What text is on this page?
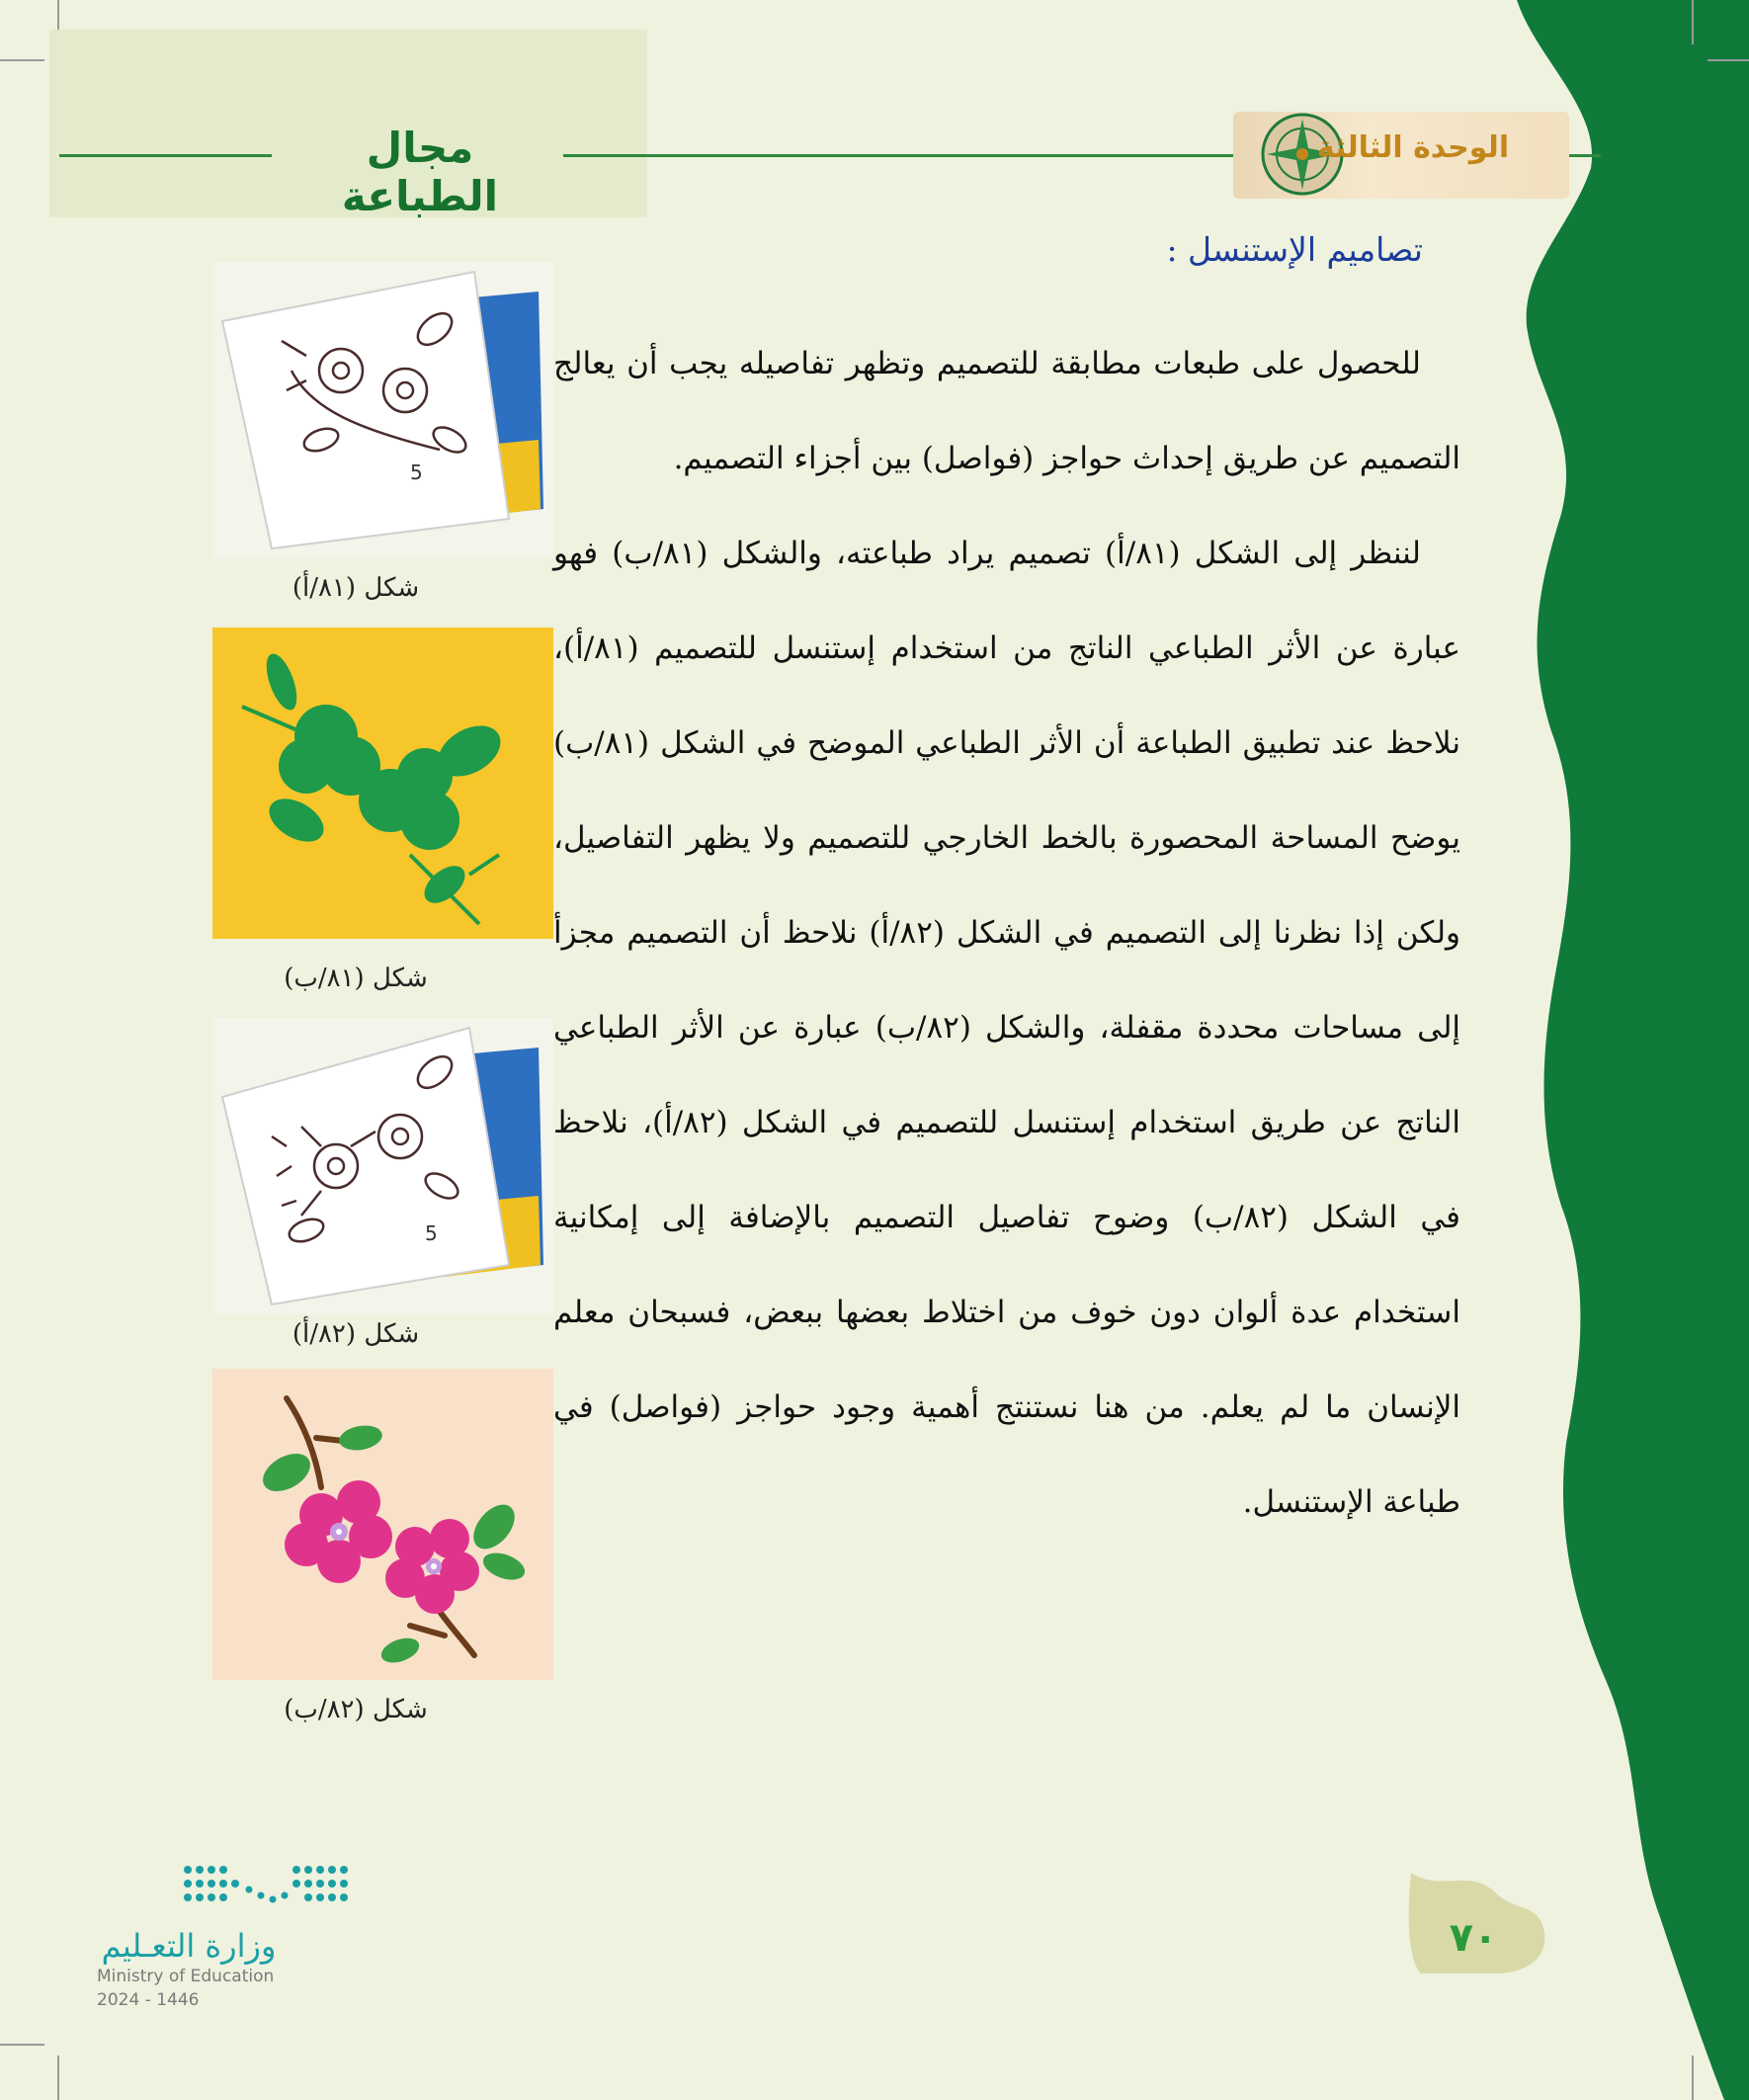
مجال الطباعة
الوحدة الثالثة
تصاميم الإستنسل :

للحصول على طبعات مطابقة للتصميم وتظهر تفاصيله يجب أن يعالج التصميم عن طريق إحداث حواجز (فواصل) بين أجزاء التصميم.

لننظر إلى الشكل (٨١/أ) تصميم يراد طباعته، والشكل (٨١/ب) فهو عبارة عن الأثر الطباعي الناتج من استخدام إستنسل للتصميم (٨١/أ)، نلاحظ عند تطبيق الطباعة أن الأثر الطباعي الموضح في الشكل (٨١/ب) يوضح المساحة المحصورة بالخط الخارجي للتصميم ولا يظهر التفاصيل، ولكن إذا نظرنا إلى التصميم في الشكل (٨٢/أ) نلاحظ أن التصميم مجزأ إلى مساحات محددة مقفلة، والشكل (٨٢/ب) عبارة عن الأثر الطباعي الناتج عن طريق استخدام إستنسل للتصميم في الشكل (٨٢/أ)، نلاحظ في الشكل (٨٢/ب) وضوح تفاصيل التصميم بالإضافة إلى إمكانية استخدام عدة ألوان دون خوف من اختلاط بعضها ببعض، فسبحان معلم الإنسان ما لم يعلم. من هنا نستنتج أهمية وجود حواجز (فواصل) في طباعة الإستنسل.

5
شكل (٨١/أ)
شكل (٨١/ب)
5
شكل (٨٢/أ)
شكل (٨٢/ب)
٧٠
وزارة التعـليم
Ministry of Education
2024 - 1446
